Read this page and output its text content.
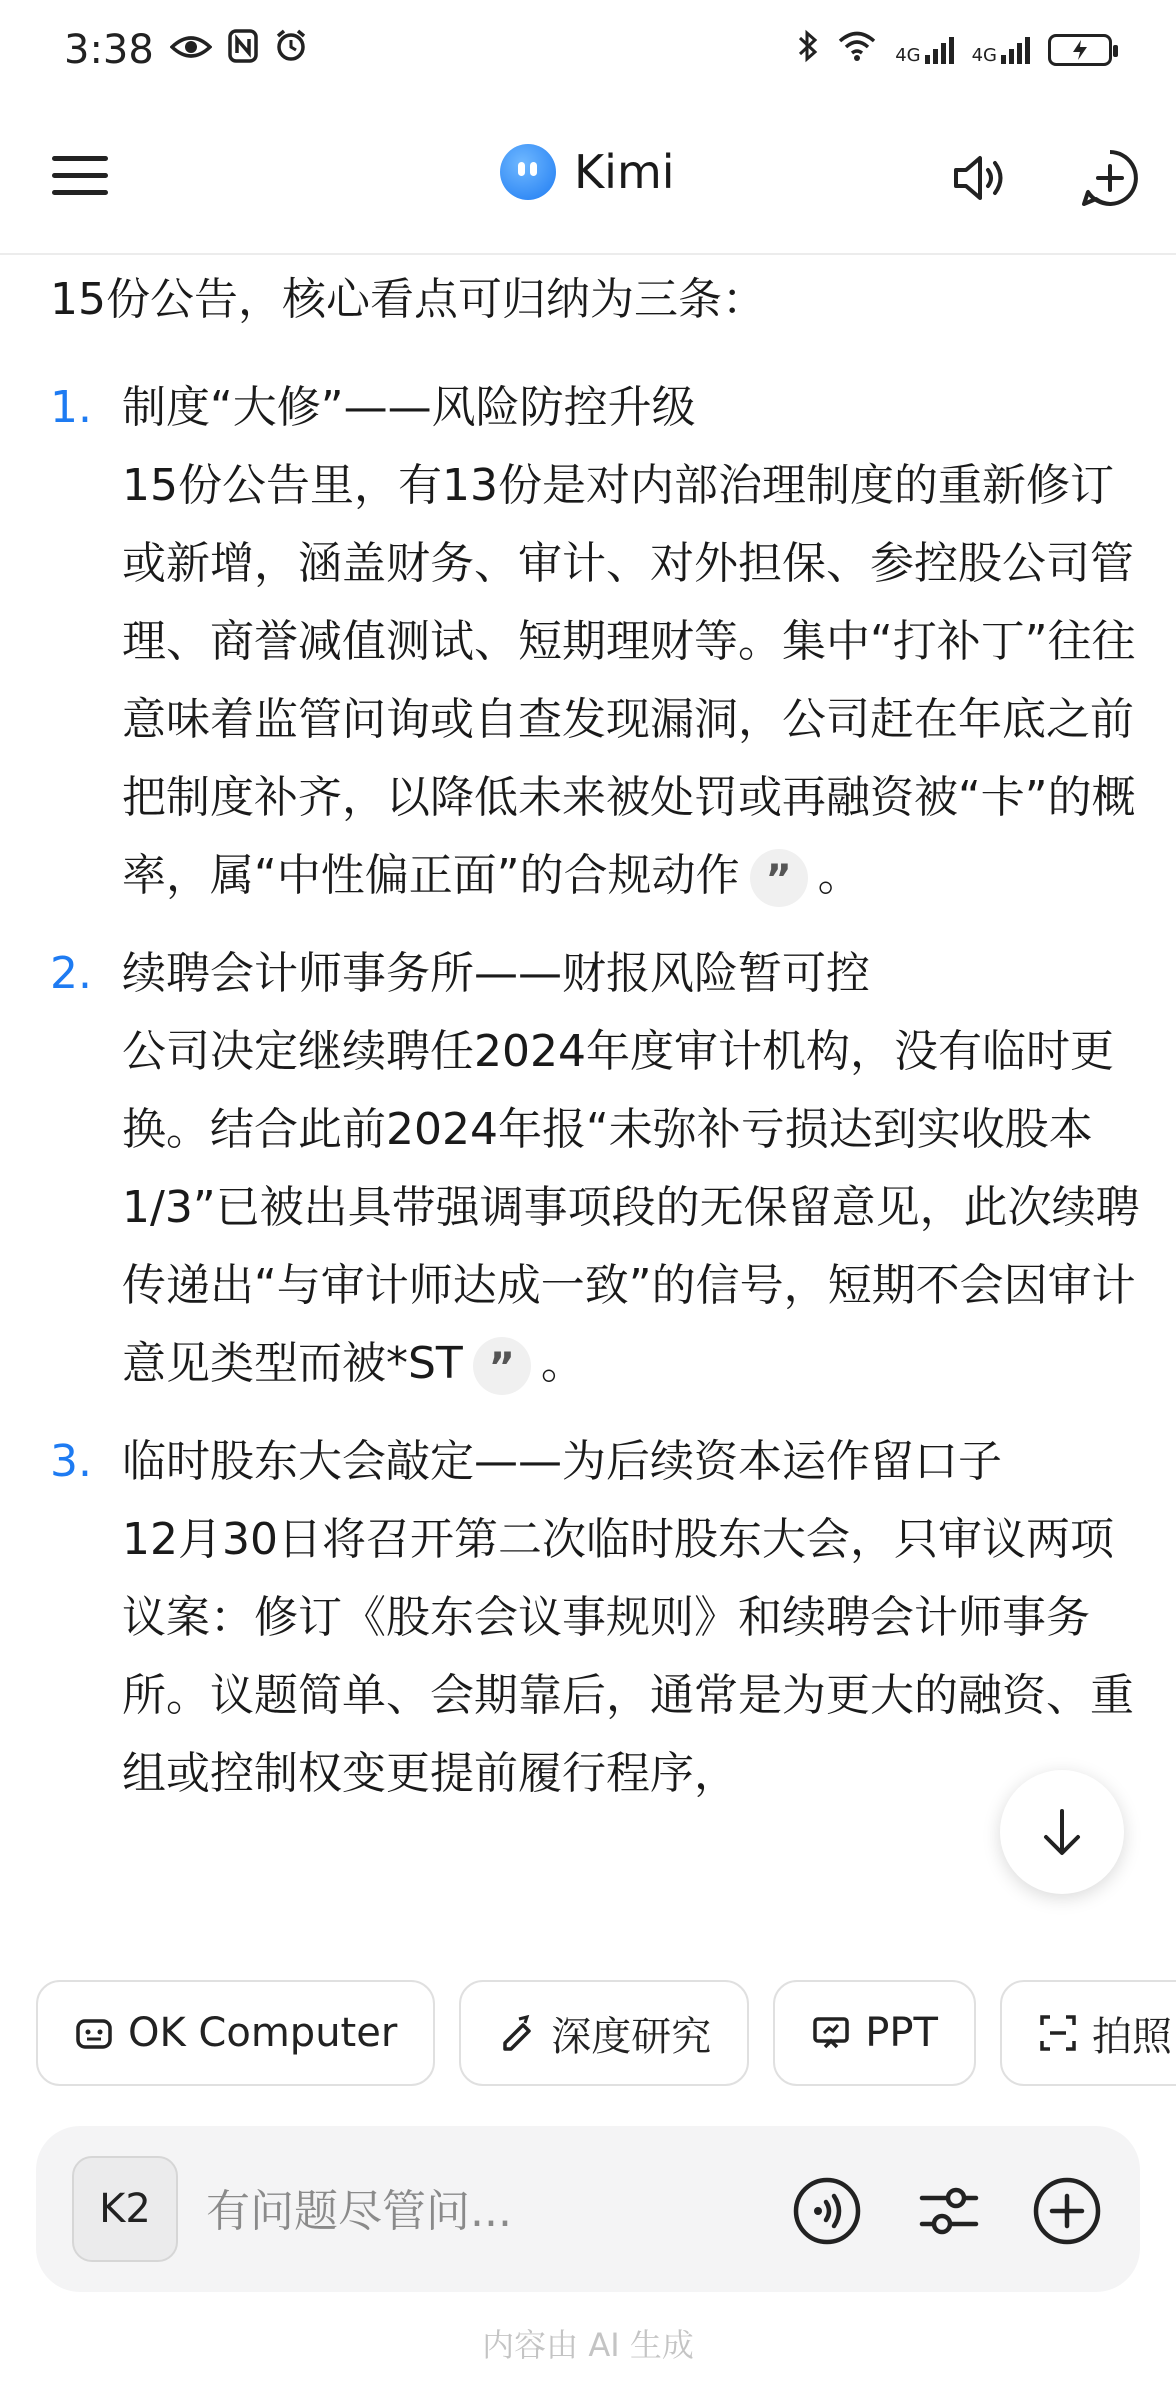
3:38	4G	4G
Kimi
15份公告，核心看点可归纳为三条：
1. 制度“大修”——风险防控升级
15份公告里，有13份是对内部治理制度的重新修订或新增，涵盖财务、审计、对外担保、参控股公司管理、商誉减值测试、短期理财等。集中“打补丁”往往意味着监管问询或自查发现漏洞，公司赶在年底之前把制度补齐，以降低未来被处罚或再融资被“卡”的概率，属“中性偏正面”的合规动作 ” 。
2. 续聘会计师事务所——财报风险暂可控
公司决定继续聘任2024年度审计机构，没有临时更换。结合此前2024年报“未弥补亏损达到实收股本1/3”已被出具带强调事项段的无保留意见，此次续聘传递出“与审计师达成一致”的信号，短期不会因审计意见类型而被*ST ” 。
3. 临时股东大会敲定——为后续资本运作留口子
12月30日将召开第二次临时股东大会，只审议两项议案：修订《股东会议事规则》和续聘会计师事务所。议题简单、会期靠后，通常是为更大的融资、重组或控制权变更提前履行程序，
OK Computer	深度研究	PPT	拍照
K2
有问题尽管问...
内容由 AI 生成
